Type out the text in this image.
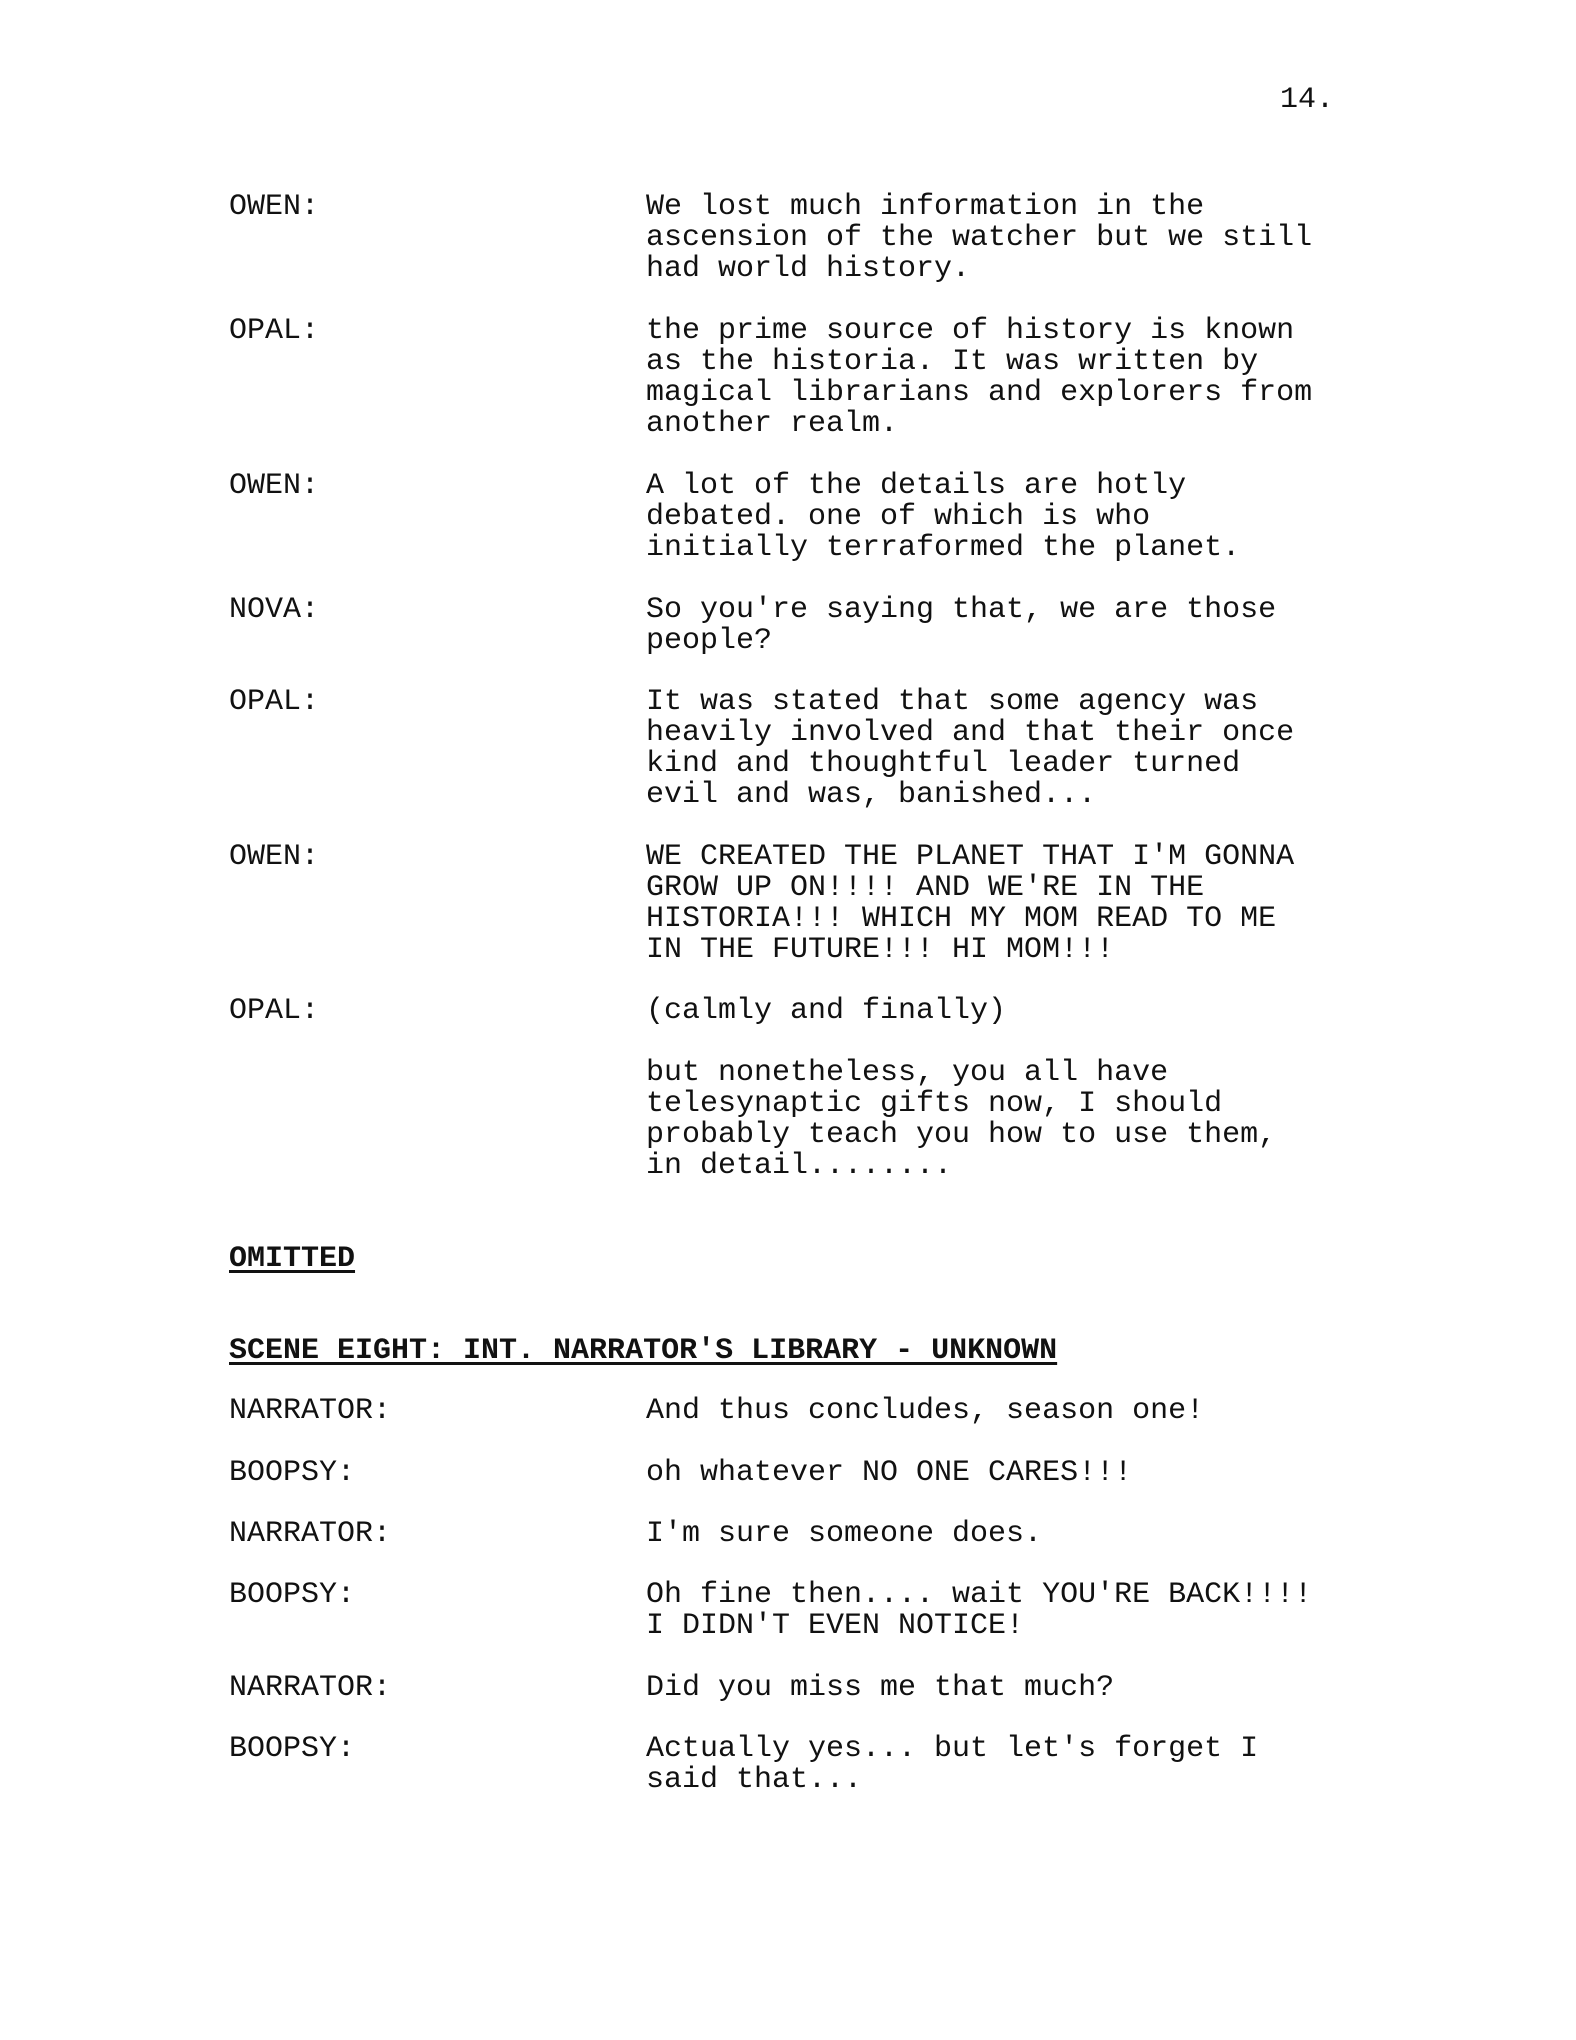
14.
OWEN:	We lost much information in the
ascension of the watcher but we still
had world history.
OPAL:	the prime source of history is known
as the historia. It was written by
magical librarians and explorers from
another realm.
OWEN:	A lot of the details are hotly
debated. one of which is who
initially terraformed the planet.
NOVA:	So you're saying that, we are those
people?
OPAL:	It was stated that some agency was
heavily involved and that their once
kind and thoughtful leader turned
evil and was, banished...
OWEN:	WE CREATED THE PLANET THAT I'M GONNA
GROW UP ON!!!! AND WE'RE IN THE
HISTORIA!!! WHICH MY MOM READ TO ME
IN THE FUTURE!!! HI MOM!!!
OPAL:	(calmly and finally)
but nonetheless, you all have
telesynaptic gifts now, I should
probably teach you how to use them,
in detail........
OMITTED
SCENE EIGHT: INT. NARRATOR'S LIBRARY - UNKNOWN
NARRATOR:	And thus concludes, season one!
BOOPSY:	oh whatever NO ONE CARES!!!
NARRATOR:	I'm sure someone does.
BOOPSY:	Oh fine then.... wait YOU'RE BACK!!!!
I DIDN'T EVEN NOTICE!
NARRATOR:	Did you miss me that much?
BOOPSY:	Actually yes... but let's forget I
said that...
